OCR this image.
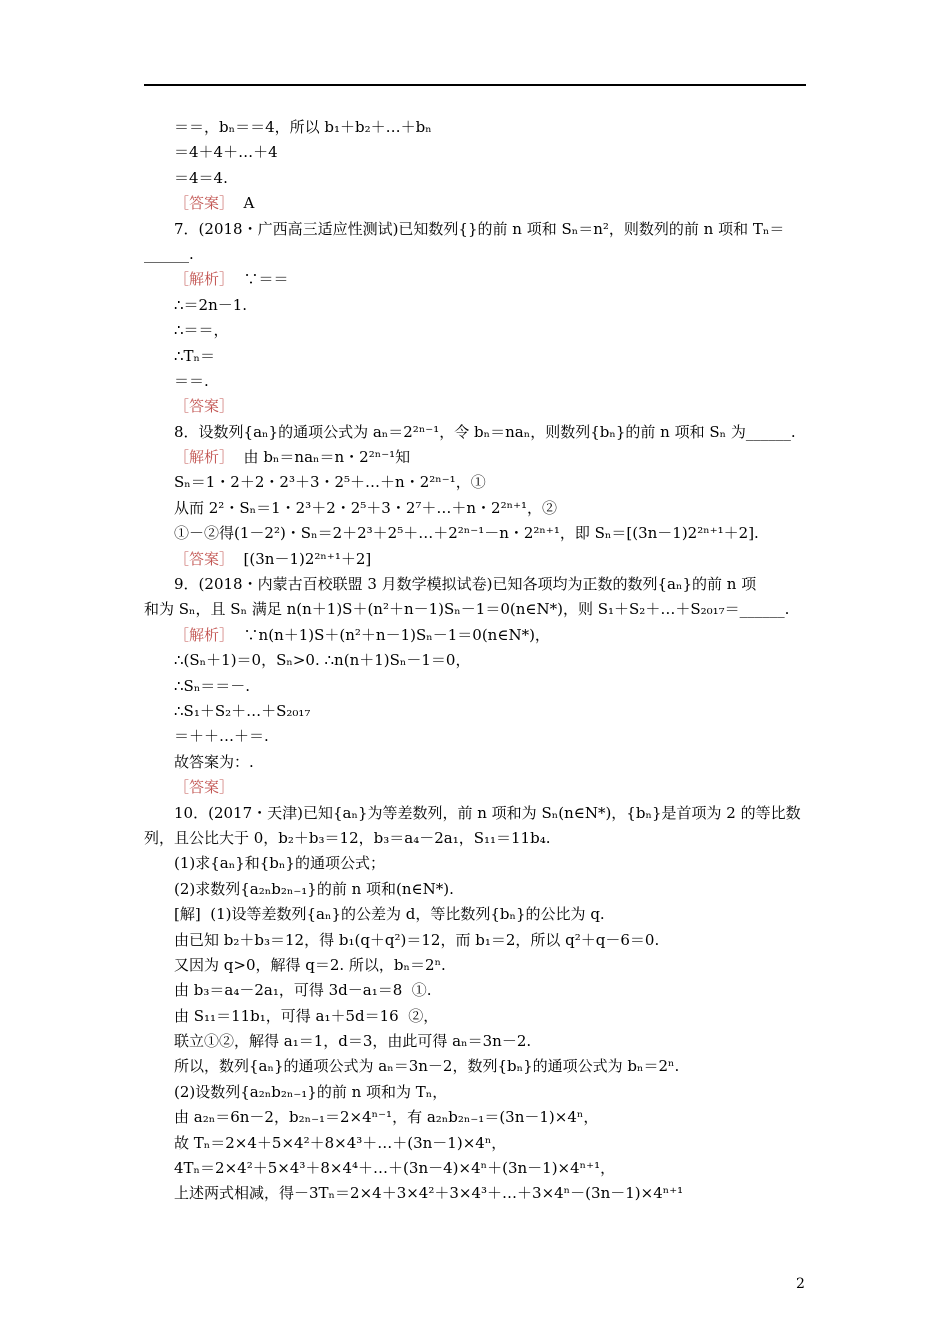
＝＝，bₙ＝＝4，所以 b₁＋b₂＋…＋bₙ
＝4＋4＋…＋4
＝4＝4.
［答案］  A
7．(2018・广西高三适应性测试)已知数列{}的前 n 项和 Sₙ＝n²，则数列的前 n 项和 Tₙ＝
______.
［解析］  ∵＝＝
∴＝2n－1.
∴＝＝，
∴Tₙ＝
＝＝.
［答案］
8．设数列{aₙ}的通项公式为 aₙ＝2²ⁿ⁻¹，令 bₙ＝naₙ，则数列{bₙ}的前 n 项和 Sₙ 为______.
［解析］  由 bₙ＝naₙ＝n・2²ⁿ⁻¹知
Sₙ＝1・2＋2・2³＋3・2⁵＋…＋n・2²ⁿ⁻¹，①
从而 2²・Sₙ＝1・2³＋2・2⁵＋3・2⁷＋…＋n・2²ⁿ⁺¹，②
①－②得(1－2²)・Sₙ＝2＋2³＋2⁵＋…＋2²ⁿ⁻¹－n・2²ⁿ⁺¹，即 Sₙ＝[(3n－1)2²ⁿ⁺¹＋2].
［答案］  [(3n－1)2²ⁿ⁺¹＋2]
9．(2018・内蒙古百校联盟 3 月数学模拟试卷)已知各项均为正数的数列{aₙ}的前 n 项
和为 Sₙ，且 Sₙ 满足 n(n＋1)S＋(n²＋n－1)Sₙ－1＝0(n∈N*)，则 S₁＋S₂＋…＋S₂₀₁₇＝______.
［解析］  ∵n(n＋1)S＋(n²＋n－1)Sₙ－1＝0(n∈N*)，
∴(Sₙ＋1)＝0，Sₙ>0. ∴n(n＋1)Sₙ－1＝0，
∴Sₙ＝＝－.
∴S₁＋S₂＋…＋S₂₀₁₇
＝＋＋…＋＝.
故答案为：.
［答案］
10．(2017・天津)已知{aₙ}为等差数列，前 n 项和为 Sₙ(n∈N*)，{bₙ}是首项为 2 的等比数
列，且公比大于 0，b₂＋b₃＝12，b₃＝a₄－2a₁，S₁₁＝11b₄.
(1)求{aₙ}和{bₙ}的通项公式；
(2)求数列{a₂ₙb₂ₙ₋₁}的前 n 项和(n∈N*).
[解]  (1)设等差数列{aₙ}的公差为 d，等比数列{bₙ}的公比为 q.
由已知 b₂＋b₃＝12，得 b₁(q＋q²)＝12，而 b₁＝2，所以 q²＋q－6＝0.
又因为 q>0，解得 q＝2. 所以，bₙ＝2ⁿ.
由 b₃＝a₄－2a₁，可得 3d－a₁＝8  ①.
由 S₁₁＝11b₁，可得 a₁＋5d＝16  ②，
联立①②，解得 a₁＝1，d＝3，由此可得 aₙ＝3n－2.
所以，数列{aₙ}的通项公式为 aₙ＝3n－2，数列{bₙ}的通项公式为 bₙ＝2ⁿ.
(2)设数列{a₂ₙb₂ₙ₋₁}的前 n 项和为 Tₙ，
由 a₂ₙ＝6n－2，b₂ₙ₋₁＝2×4ⁿ⁻¹，有 a₂ₙb₂ₙ₋₁＝(3n－1)×4ⁿ，
故 Tₙ＝2×4＋5×4²＋8×4³＋…＋(3n－1)×4ⁿ，
4Tₙ＝2×4²＋5×4³＋8×4⁴＋…＋(3n－4)×4ⁿ＋(3n－1)×4ⁿ⁺¹，
上述两式相减，得－3Tₙ＝2×4＋3×4²＋3×4³＋…＋3×4ⁿ－(3n－1)×4ⁿ⁺¹
2
